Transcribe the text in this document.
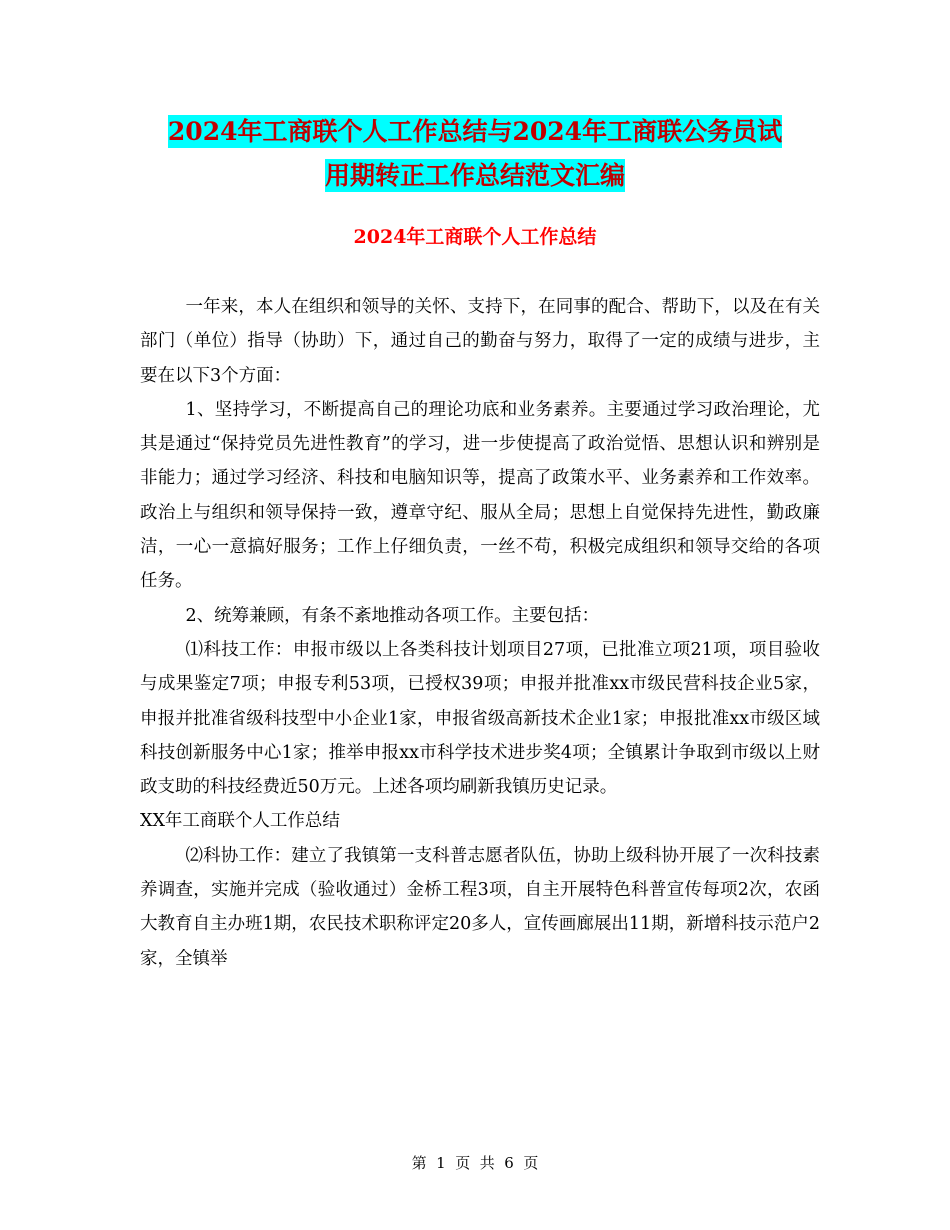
2024年工商联个人工作总结与2024年工商联公务员试
用期转正工作总结范文汇编
2024年工商联个人工作总结

一年来，本人在组织和领导的关怀、支持下，在同事的配合、帮助下，以及在有关部门（单位）指导（协助）下，通过自己的勤奋与努力，取得了一定的成绩与进步，主要在以下3个方面：

1、坚持学习，不断提高自己的理论功底和业务素养。主要通过学习政治理论，尤其是通过“保持党员先进性教育”的学习，进一步使提高了政治觉悟、思想认识和辨别是非能力；通过学习经济、科技和电脑知识等，提高了政策水平、业务素养和工作效率。政治上与组织和领导保持一致，遵章守纪、服从全局；思想上自觉保持先进性，勤政廉洁，一心一意搞好服务；工作上仔细负责，一丝不苟，积极完成组织和领导交给的各项任务。

2、统筹兼顾，有条不紊地推动各项工作。主要包括：

⑴科技工作：申报市级以上各类科技计划项目27项，已批准立项21项，项目验收与成果鉴定7项；申报专利53项，已授权39项；申报并批准xx市级民营科技企业5家，申报并批准省级科技型中小企业1家，申报省级高新技术企业1家；申报批准xx市级区域科技创新服务中心1家；推举申报xx市科学技术进步奖4项；全镇累计争取到市级以上财政支助的科技经费近50万元。上述各项均刷新我镇历史记录。

XX年工商联个人工作总结

⑵科协工作：建立了我镇第一支科普志愿者队伍，协助上级科协开展了一次科技素养调查，实施并完成（验收通过）金桥工程3项，自主开展特色科普宣传每项2次，农函大教育自主办班1期，农民技术职称评定20多人，宣传画廊展出11期，新增科技示范户2家，全镇举

第  1  页  共  6  页
